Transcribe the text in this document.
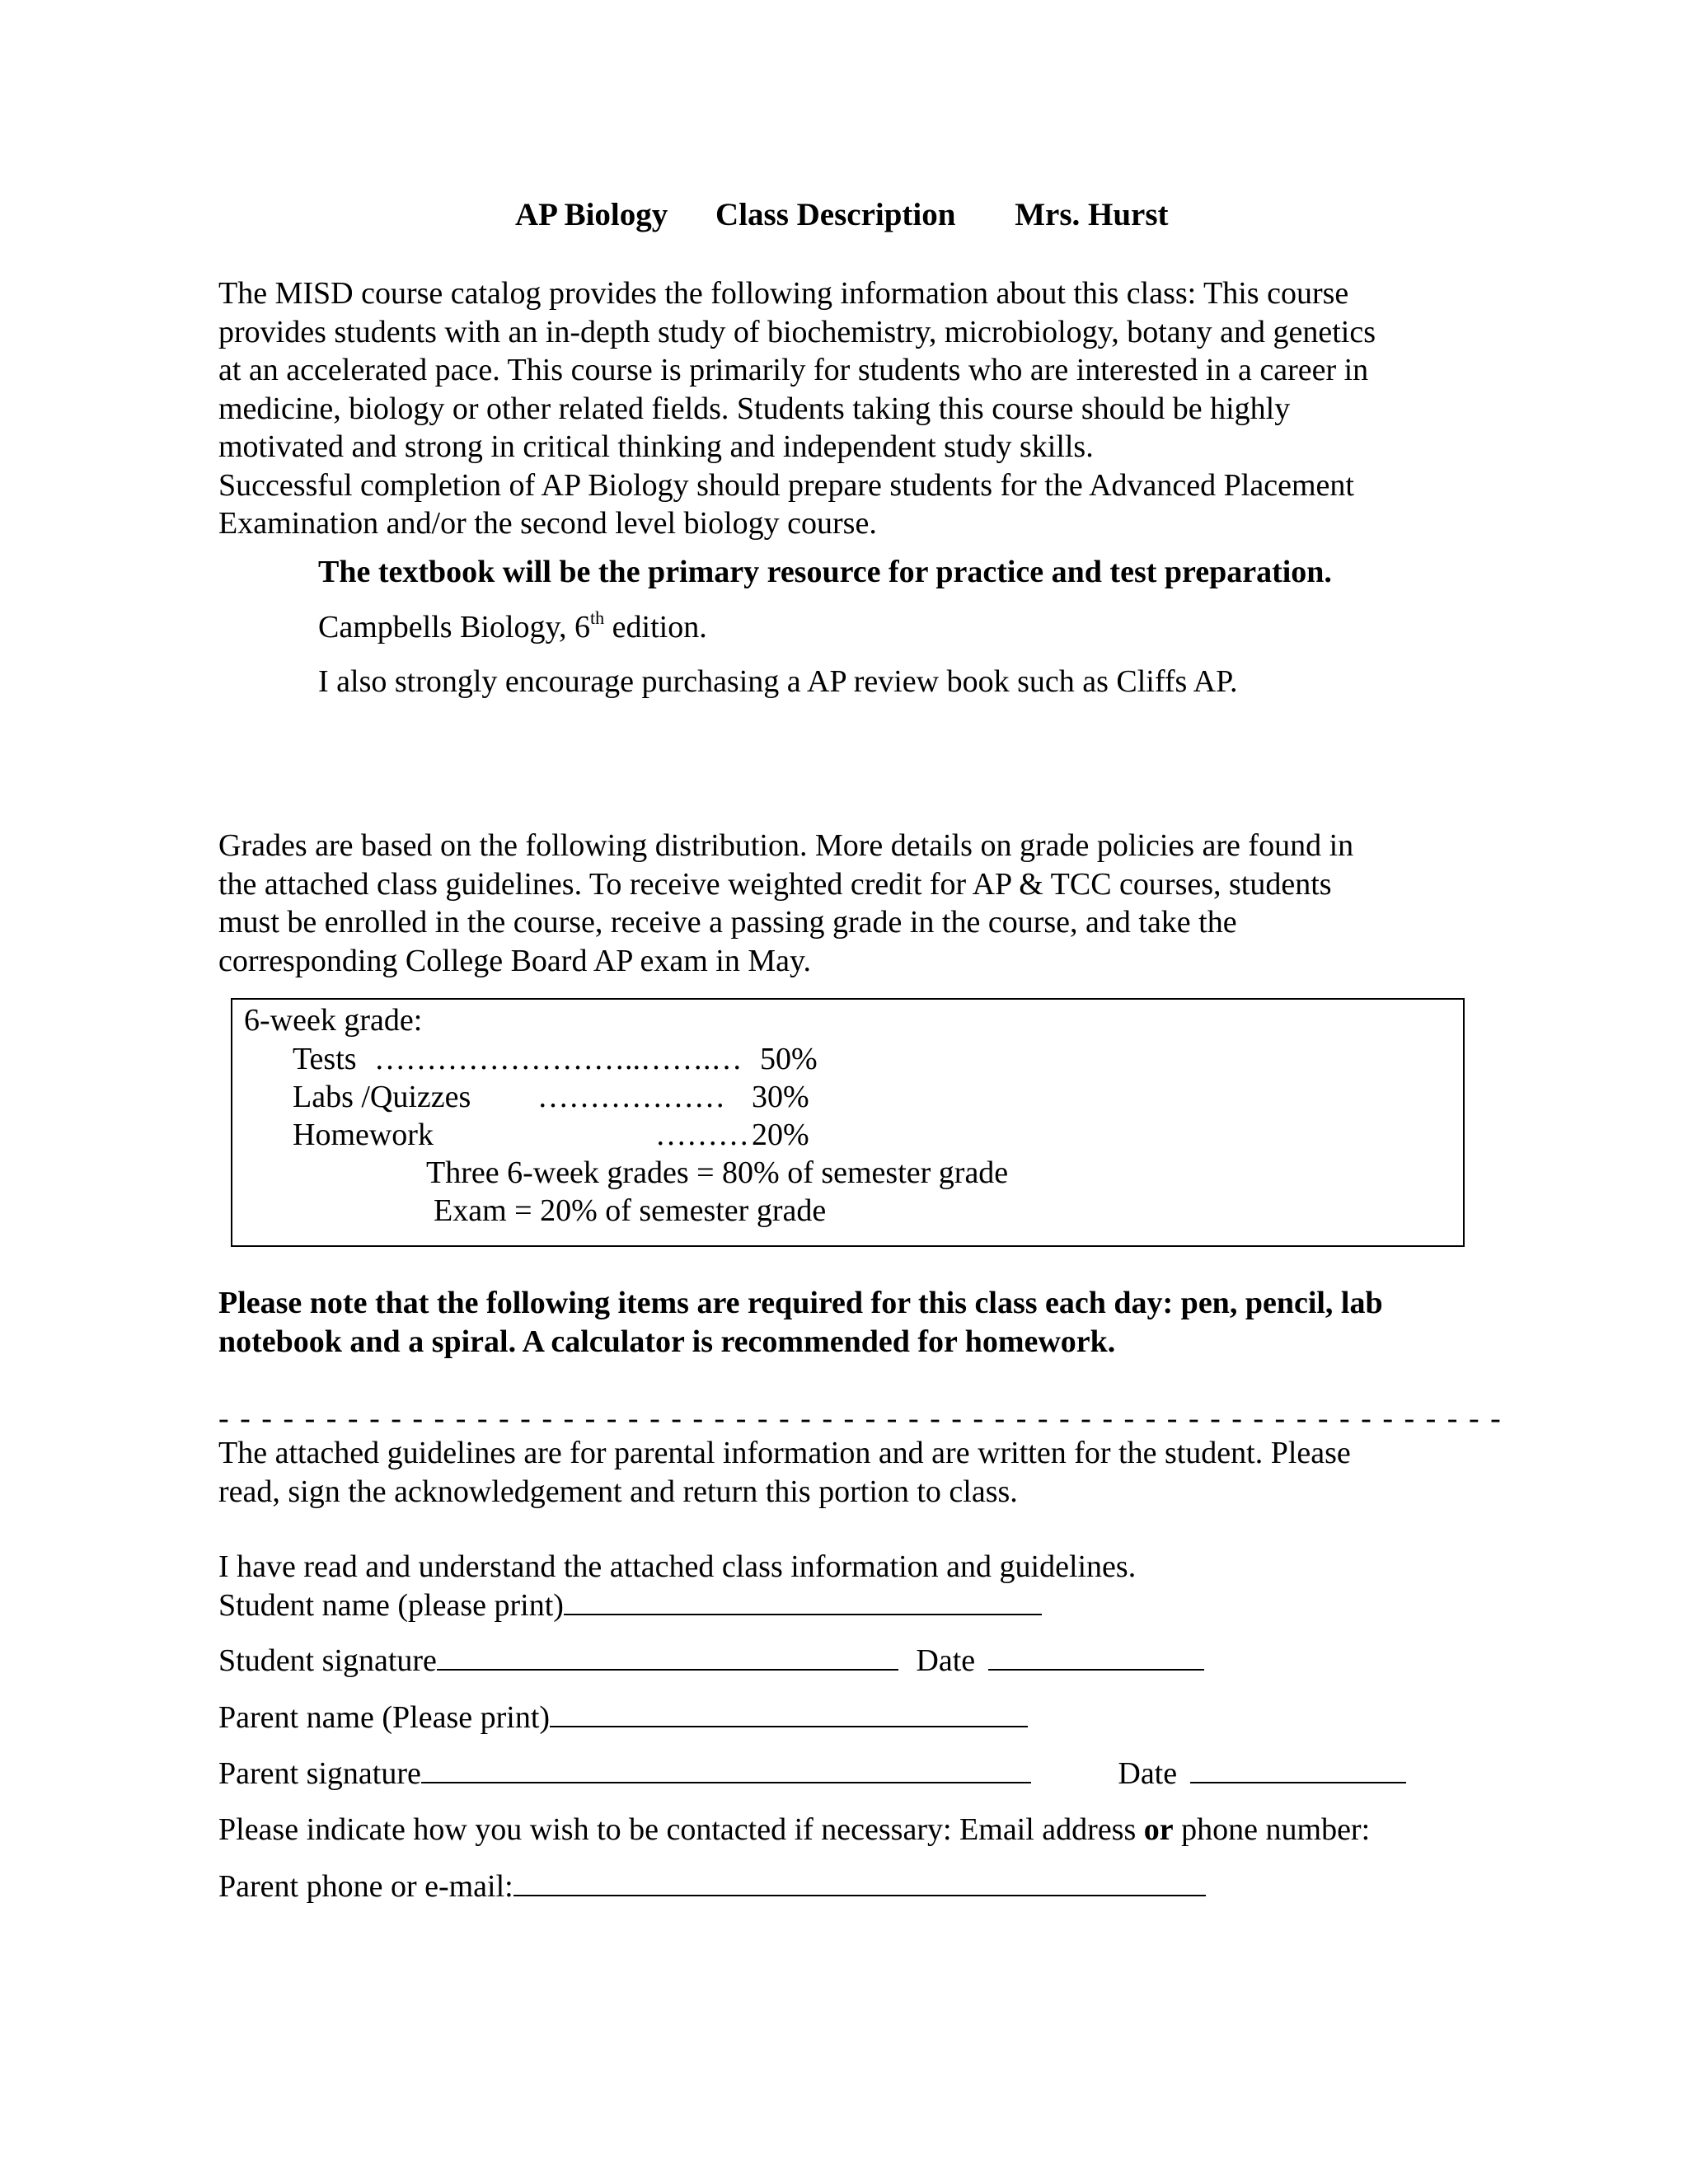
AP Biology Class Description Mrs. Hurst

The MISD course catalog provides the following information about this class: This course

provides students with an in-depth study of biochemistry, microbiology, botany and genetics

at an accelerated pace. This course is primarily for students who are interested in a career in

medicine, biology or other related fields. Students taking this course should be highly

motivated and strong in critical thinking and independent study skills.

Successful completion of AP Biology should prepare students for the Advanced Placement

Examination and/or the second level biology course.

The textbook will be the primary resource for practice and test preparation.
Campbells Biology, 6th edition.
I also strongly encourage purchasing a AP review book such as Cliffs AP.

Grades are based on the following distribution. More details on grade policies are found in

the attached class guidelines. To receive weighted credit for AP & TCC courses, students

must be enrolled in the course, receive a passing grade in the course, and take the

corresponding College Board AP exam in May.

6-week grade:
Tests ……………………..…….… 50%
Labs /Quizzes ……………… 30%
Homework	……… 20%
Three 6-week grades = 80% of semester grade
Exam = 20% of semester grade

Please note that the following items are required for this class each day: pen, pencil, lab

notebook and a spiral. A calculator is recommended for homework.

- - - - - - - - - - - - - - - - - - - - - - - - - - - - - - - - - - - - - - - - - - - - - - - - - - - - - - - - - - - -

The attached guidelines are for parental information and are written for the student. Please

read, sign the acknowledgement and return this portion to class.

I have read and understand the attached class information and guidelines.
Student name (please print)
Student signature	Date
Parent name (Please print)
Parent signature	Date
Please indicate how you wish to be contacted if necessary: Email address or phone number:
Parent phone or e-mail:
